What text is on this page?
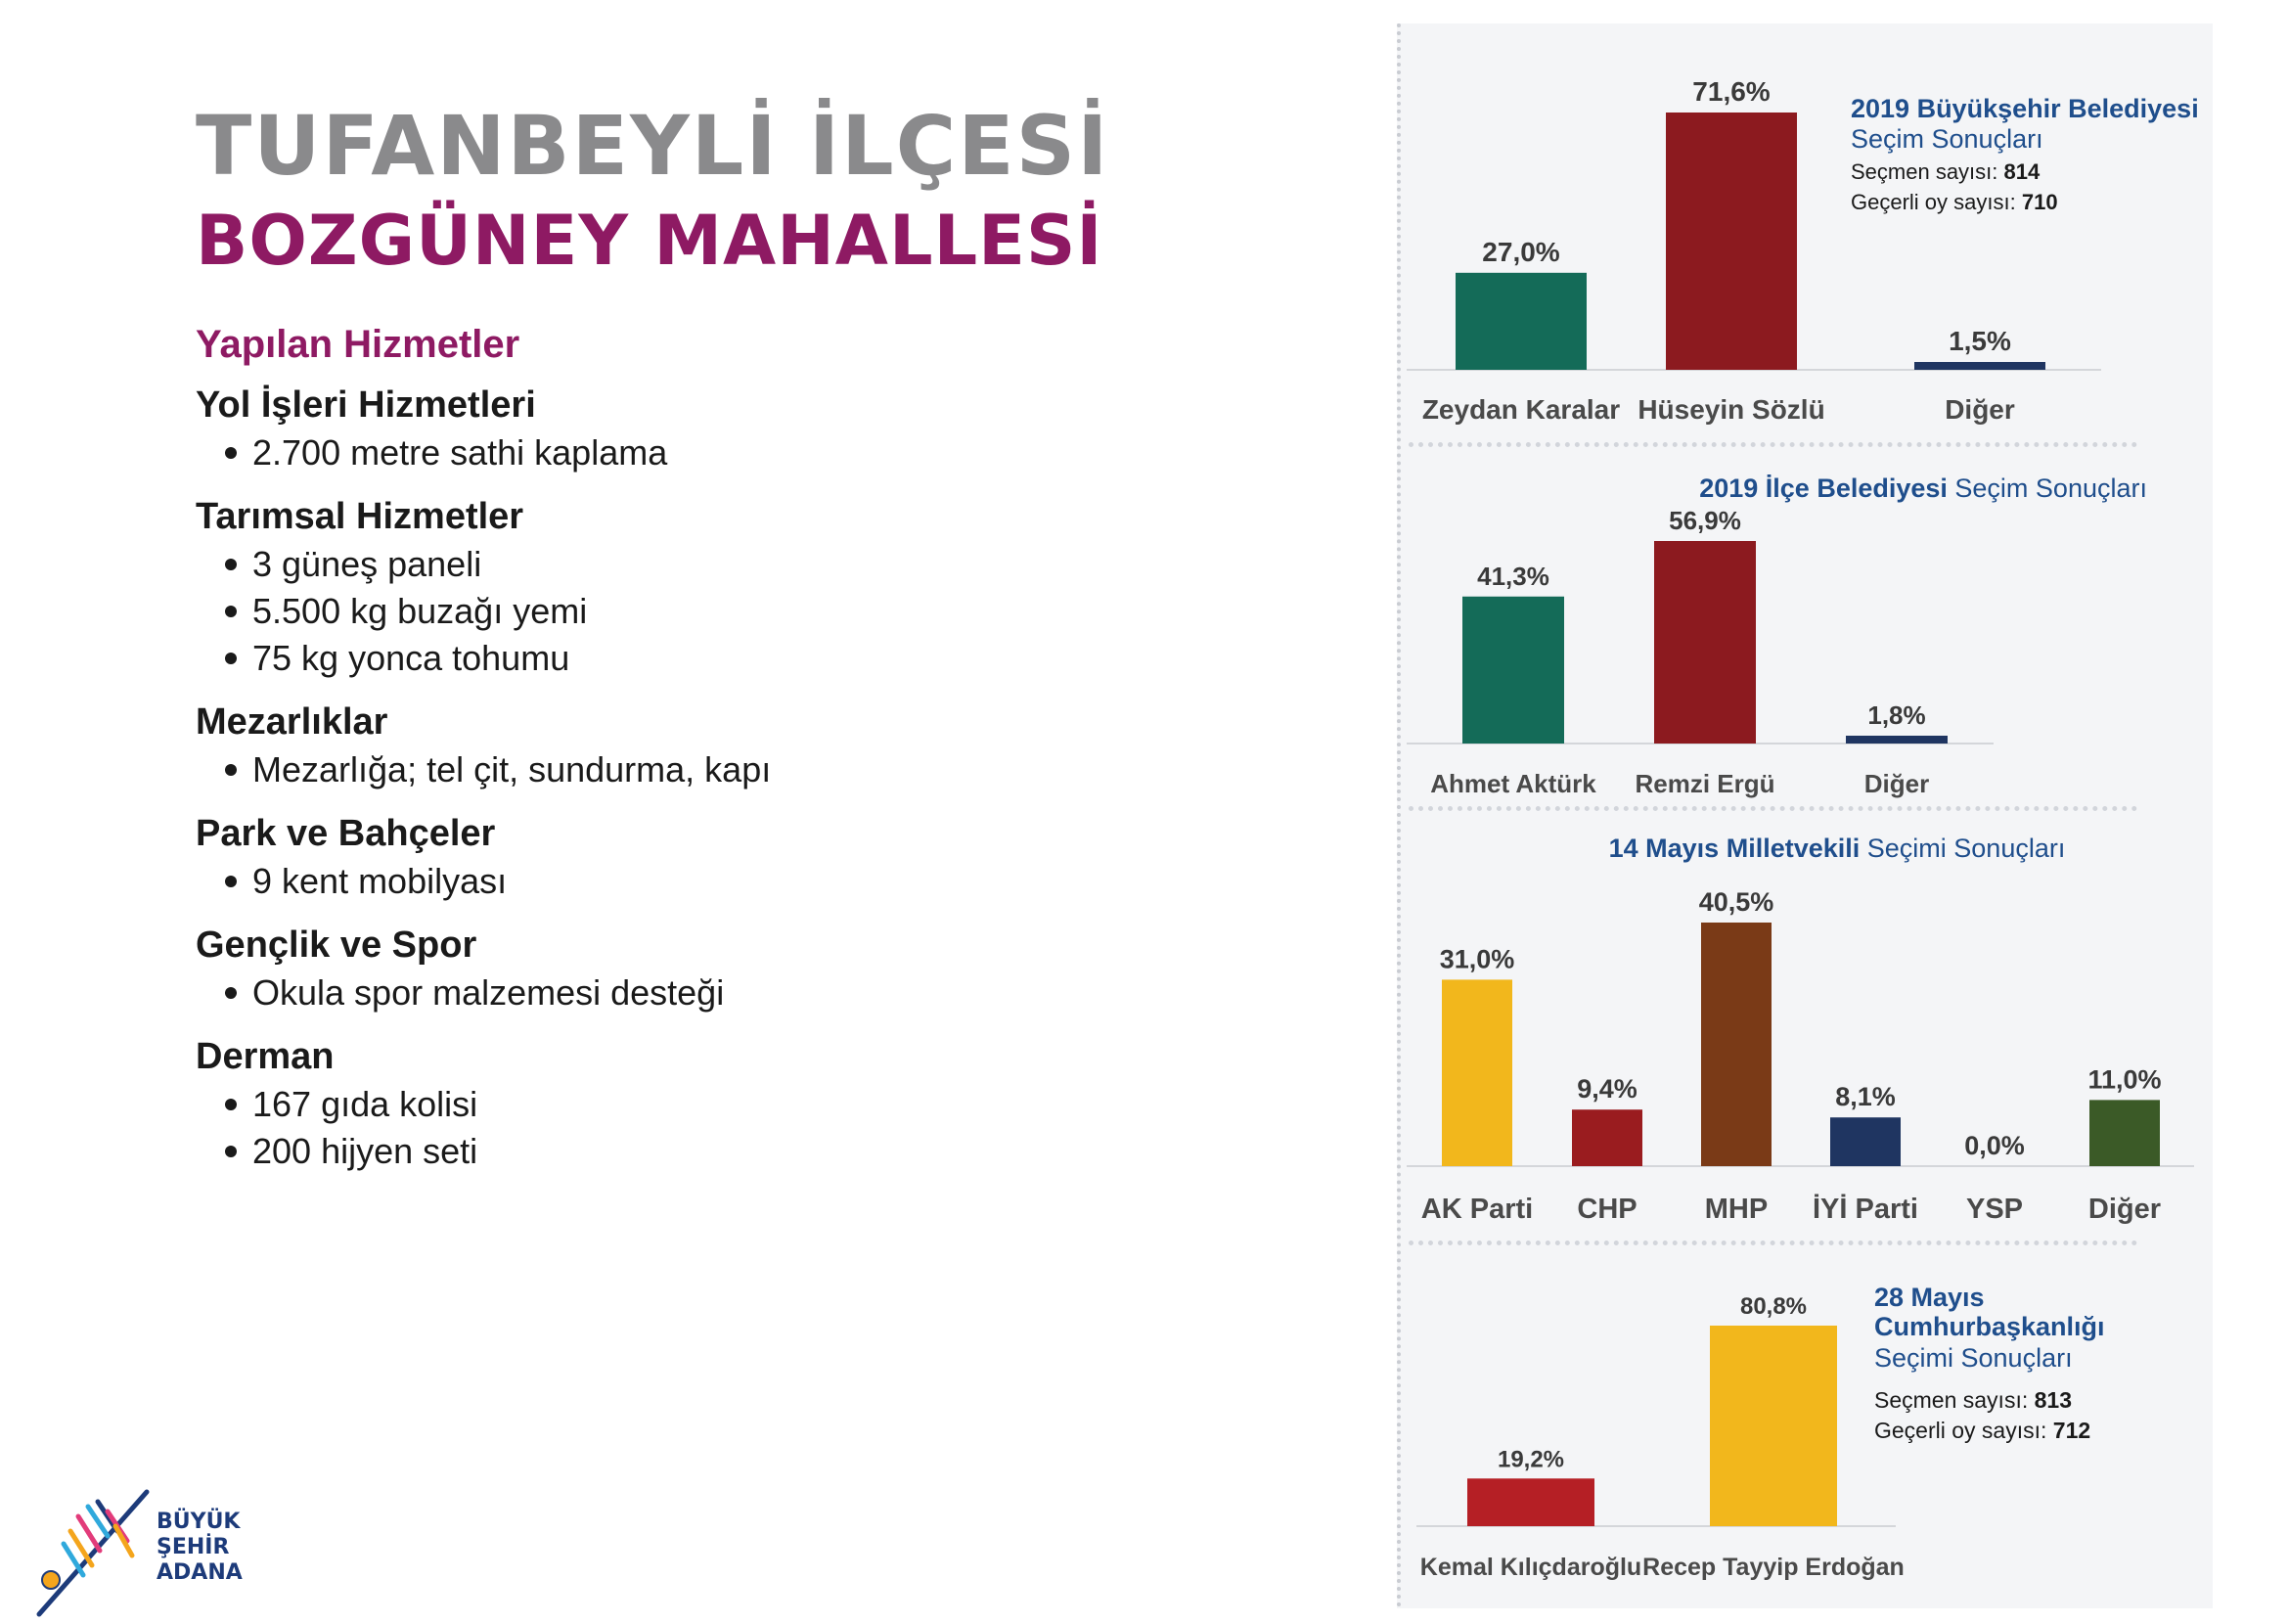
TUFANBEYLİ İLÇESİ
BOZGÜNEY MAHALLESİ
Yapılan Hizmetler
Yol İşleri Hizmetleri
2.700 metre sathi kaplama
Tarımsal Hizmetler
3 güneş paneli
5.500 kg buzağı yemi
75 kg yonca tohumu
Mezarlıklar
Mezarlığa; tel çit, sundurma, kapı
Park ve Bahçeler
9 kent mobilyası
Gençlik ve Spor
Okula spor malzemesi desteği
Derman
167 gıda kolisi
200 hijyen seti
2019 Büyükşehir Belediyesi
Seçim Sonuçları
Seçmen sayısı: 814
Geçerli oy sayısı: 710
27,0%
Zeydan Karalar
71,6%
Hüseyin Sözlü
1,5%
Diğer
2019 İlçe Belediyesi Seçim Sonuçları
41,3%
Ahmet Aktürk
56,9%
Remzi Ergü
1,8%
Diğer
14 Mayıs Milletvekili Seçimi Sonuçları
31,0%
AK Parti
9,4%
CHP
40,5%
MHP
8,1%
İYİ Parti
0,0%
YSP
11,0%
Diğer
28 Mayıs
Cumhurbaşkanlığı
Seçimi Sonuçları
Seçmen sayısı: 813
Geçerli oy sayısı: 712
19,2%
Kemal Kılıçdaroğlu
80,8%
Recep Tayyip Erdoğan
BÜYÜK
ŞEHİR
ADANA
